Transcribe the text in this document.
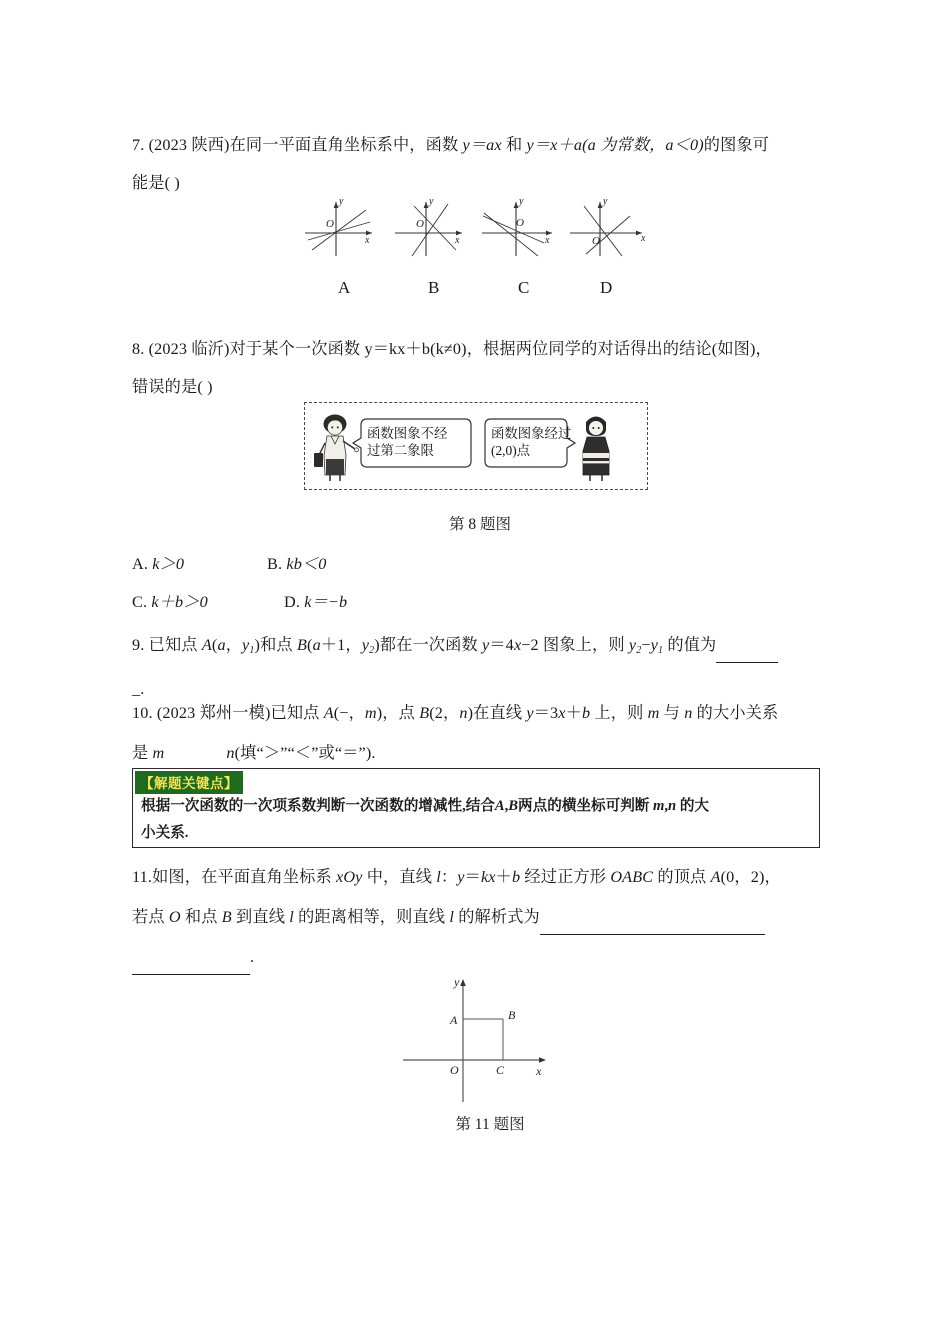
7. (2023 陕西)在同一平面直角坐标系中，函数 y＝ax 和 y＝x＋a(a 为常数，a＜0)的图象可
能是( )
O
x
y
O
x
y
O
x
y
O	x
y
A	B	C	D
8. (2023 临沂)对于某个一次函数 y＝kx＋b(k≠0)，根据两位同学的对话得出的结论(如图)，
错误的是( )
函数图象不经
过第二象限
函数图象经过
(2,0)点
第 8 题图
A. k＞0	B. kb＜0
C. k＋b＞0	D. k＝−b
9. 已知点 A(a，$y_1$)和点 B(a＋1，$y_2$)都在一次函数 y＝4x−2 图象上，则 $y_2-y_1$ 的值为
_.
10. (2023 郑州一模)已知点 A(−，m)，点 B(2，n)在直线 y＝3x＋b 上，则 m 与 n 的大小关系
是 m	n(填“＞”“＜”或“＝”).
【解题关键点】
根据一次函数的一次项系数判断一次函数的增减性,结合A,B两点的横坐标可判断 m,n 的大
小关系.
11.如图，在平面直角坐标系 xOy 中，直线 l：y＝kx＋b 经过正方形 OABC 的顶点 A(0，2)，
若点 O 和点 B 到直线 l 的距离相等，则直线 l 的解析式为
.
A	B
O	C	x
y
第 11 题图
